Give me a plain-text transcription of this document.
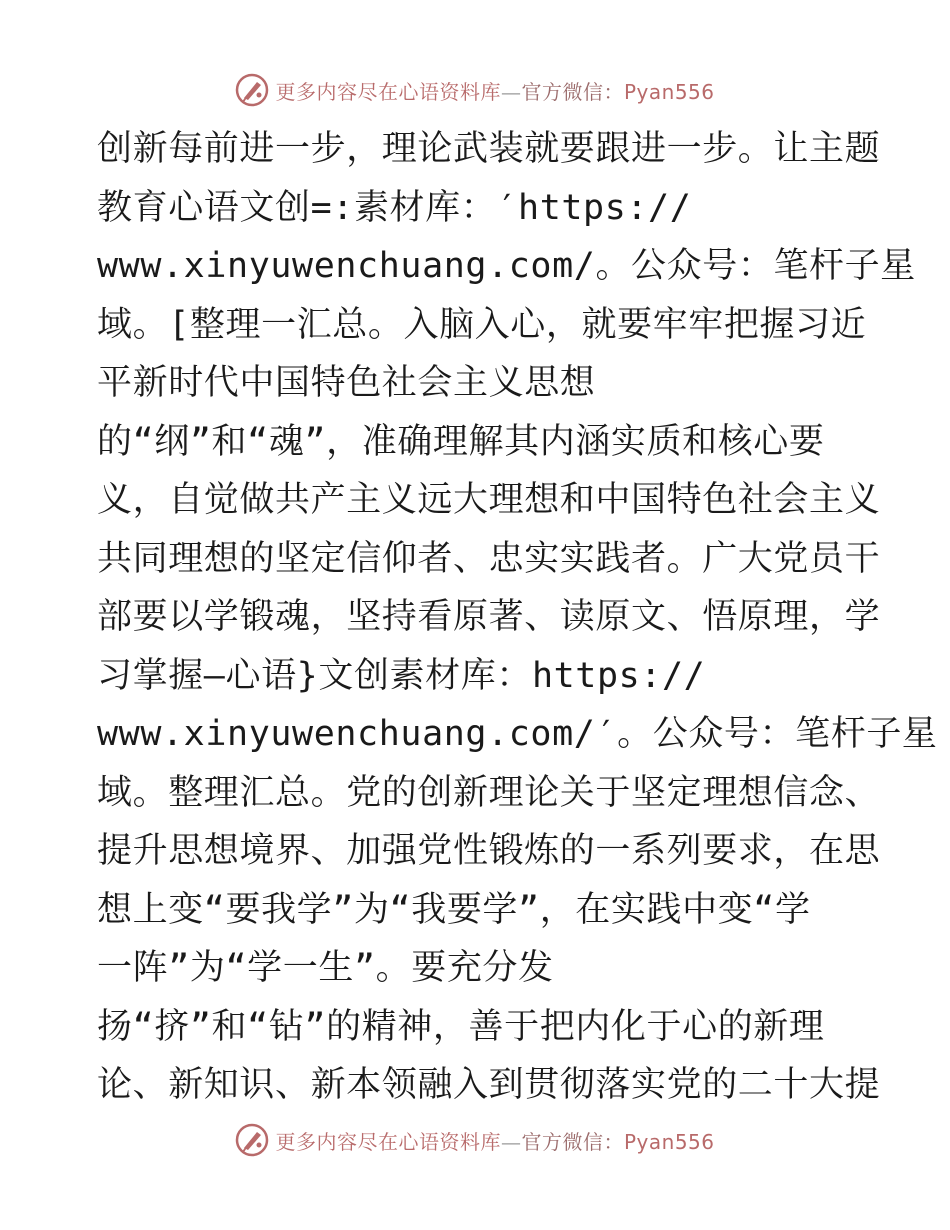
更多内容尽在心语资料库—官方微信：Pyan556
创新每前进一步，理论武装就要跟进一步。让主题
教育心语文创=:素材库：′https://
www.xinyuwenchuang.com/。公众号：笔杆子星
域。[整理一汇总。入脑入心，就要牢牢把握习近
平新时代中国特色社会主义思想
的“纲”和“魂”，准确理解其内涵实质和核心要
义，自觉做共产主义远大理想和中国特色社会主义
共同理想的坚定信仰者、忠实实践者。广大党员干
部要以学锻魂，坚持看原著、读原文、悟原理，学
习掌握—心语}文创素材库：https://
www.xinyuwenchuang.com/′。公众号：笔杆子星
域。整理汇总。党的创新理论关于坚定理想信念、
提升思想境界、加强党性锻炼的一系列要求，在思
想上变“要我学”为“我要学”，在实践中变“学
一阵”为“学一生”。要充分发
扬“挤”和“钻”的精神，善于把内化于心的新理
论、新知识、新本领融入到贯彻落实党的二十大提
更多内容尽在心语资料库—官方微信：Pyan556
